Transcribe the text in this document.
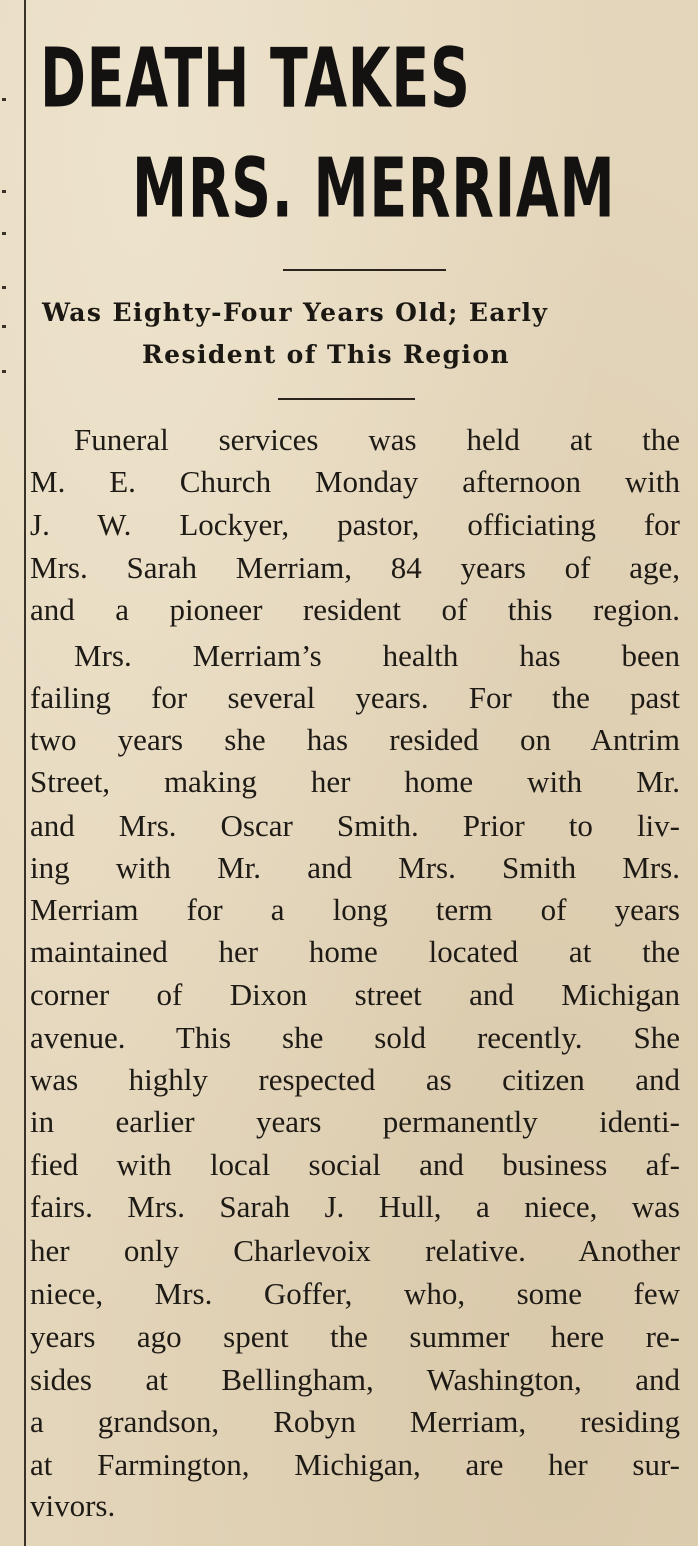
DEATH TAKES
MRS. MERRIAM
Was Eighty-Four Years Old; Early
Resident of This Region
Funeral services was held at the
M. E. Church Monday afternoon with
J. W. Lockyer, pastor, officiating for
Mrs. Sarah Merriam, 84 years of age,
and a pioneer resident of this region.
Mrs. Merriam’s health has been
failing for several years. For the past
two years she has resided on Antrim
Street, making her home with Mr.
and Mrs. Oscar Smith. Prior to liv-
ing with Mr. and Mrs. Smith Mrs.
Merriam for a long term of years
maintained her home located at the
corner of Dixon street and Michigan
avenue. This she sold recently. She
was highly respected as citizen and
in earlier years permanently identi-
fied with local social and business af-
fairs. Mrs. Sarah J. Hull, a niece, was
her only Charlevoix relative. Another
niece, Mrs. Goffer, who, some few
years ago spent the summer here re-
sides at Bellingham, Washington, and
a grandson, Robyn Merriam, residing
at Farmington, Michigan, are her sur-
vivors.
